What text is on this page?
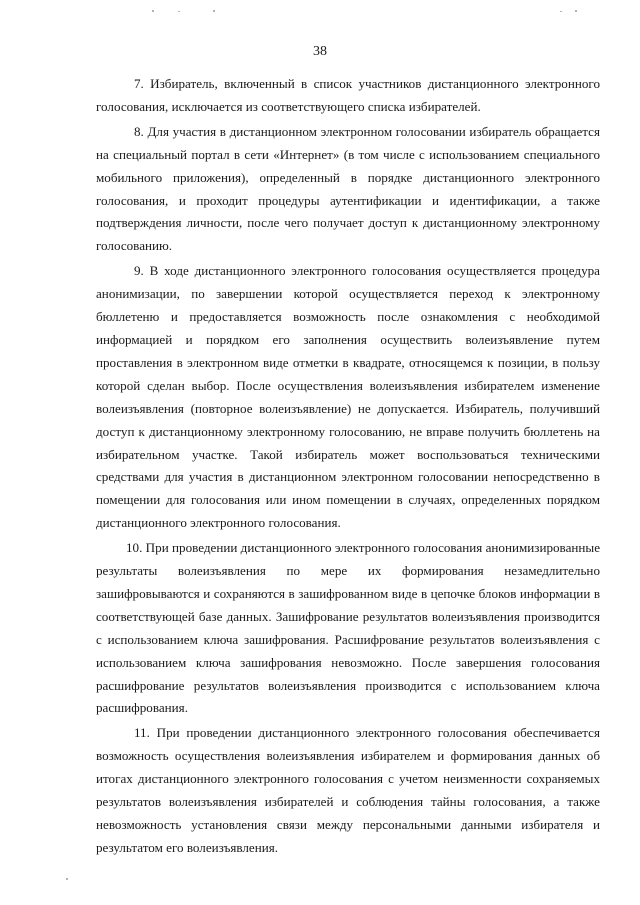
38

7. Избиратель, включенный в список участников дистанционного электронного голосования, исключается из соответствующего списка избирателей.

8. Для участия в дистанционном электронном голосовании избиратель обращается на специальный портал в сети «Интернет» (в том числе с использованием специального мобильного приложения), определенный в порядке дистанционного электронного голосования, и проходит процедуры аутентификации и идентификации, а также подтверждения личности, после чего получает доступ к дистанционному электронному голосованию.

9. В ходе дистанционного электронного голосования осуществляется процедура анонимизации, по завершении которой осуществляется переход к электронному бюллетеню и предоставляется возможность после ознакомления с необходимой информацией и порядком его заполнения осуществить волеизъявление путем проставления в электронном виде отметки в квадрате, относящемся к позиции, в пользу которой сделан выбор. После осуществления волеизъявления избирателем изменение волеизъявления (повторное волеизъявление) не допускается. Избиратель, получивший доступ к дистанционному электронному голосованию, не вправе получить бюллетень на избирательном участке. Такой избиратель может воспользоваться техническими средствами для участия в дистанционном электронном голосовании непосредственно в помещении для голосования или ином помещении в случаях, определенных порядком дистанционного электронного голосования.

10. При проведении дистанционного электронного голосования анонимизированные результаты волеизъявления по мере их формирования незамедлительно зашифровываются и сохраняются в зашифрованном виде в цепочке блоков информации в соответствующей базе данных. Зашифрование результатов волеизъявления производится с использованием ключа зашифрования. Расшифрование результатов волеизъявления с использованием ключа зашифрования невозможно. После завершения голосования расшифрование результатов волеизъявления производится с использованием ключа расшифрования.

11. При проведении дистанционного электронного голосования обеспечивается возможность осуществления волеизъявления избирателем и формирования данных об итогах дистанционного электронного голосования с учетом неизменности сохраняемых результатов волеизъявления избирателей и соблюдения тайны голосования, а также невозможность установления связи между персональными данными избирателя и результатом его волеизъявления.
